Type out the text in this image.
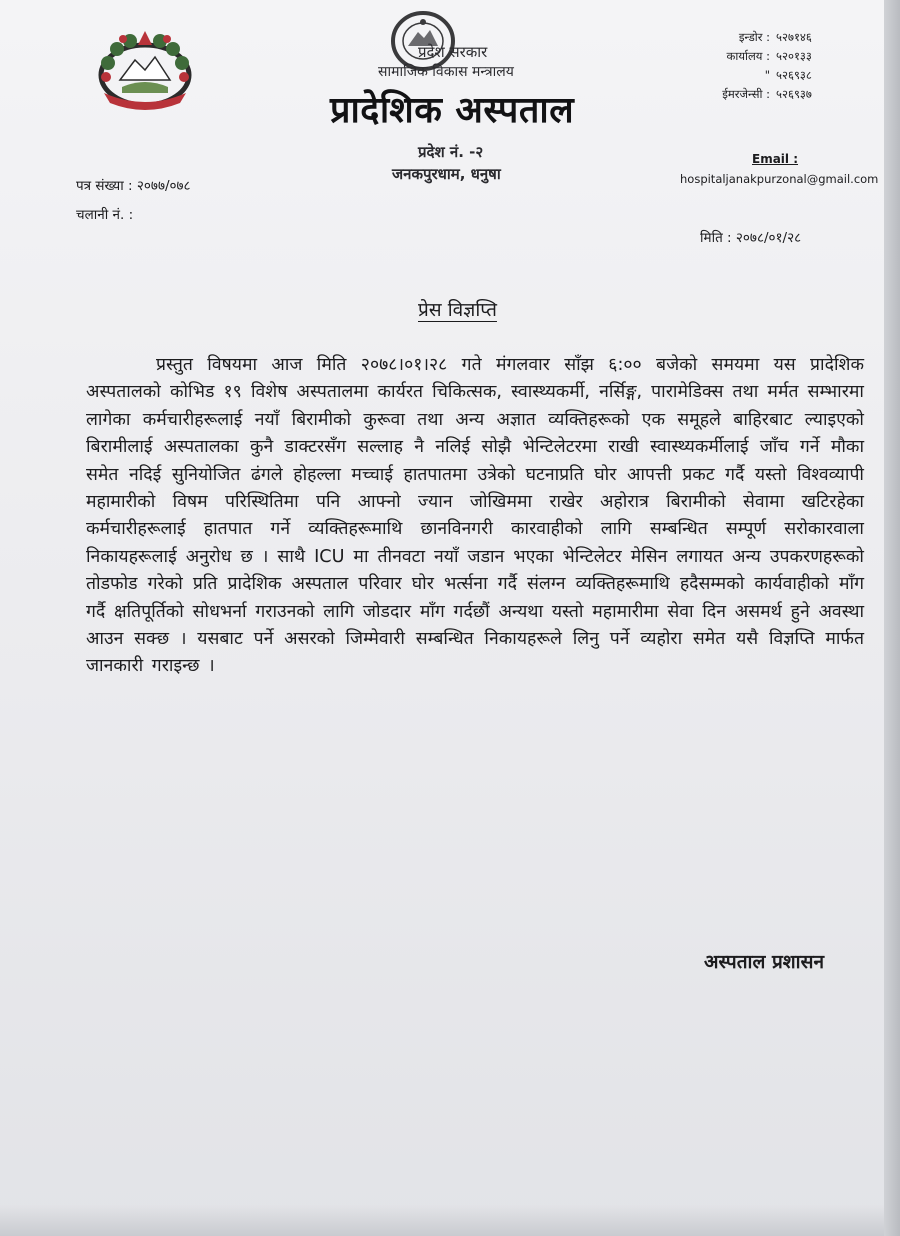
प्रदेश सरकार
सामाजिक विकास मन्त्रालय
प्रादेशिक अस्पताल
प्रदेश नं. -२
जनकपुरधाम, धनुषा
इन्डोर : ५२७१४६
कार्यालय : ५२०१३३
" ५२६९३८
ईमरजेन्सी : ५२६९३७
Email :
hospitaljanakpurzonal@gmail.com
पत्र संख्या : २०७७/०७८
चलानी नं. :
मिति : २०७८/०१/२८
प्रेस विज्ञप्ति
प्रस्तुत विषयमा आज मिति २०७८।०१।२८ गते मंगलवार साँझ ६:०० बजेको समयमा यस प्रादेशिक अस्पतालको कोभिड १९ विशेष अस्पतालमा कार्यरत चिकित्सक, स्वास्थ्यकर्मी, नर्सिङ्ग, पारामेडिक्स तथा मर्मत सम्भारमा लागेका कर्मचारीहरूलाई नयाँ बिरामीको कुरूवा तथा अन्य अज्ञात व्यक्तिहरूको एक समूहले बाहिरबाट ल्याइएको बिरामीलाई अस्पतालका कुनै डाक्टरसँग सल्लाह नै नलिई सोझै भेन्टिलेटरमा राखी स्वास्थ्यकर्मीलाई जाँच गर्ने मौका समेत नदिई सुनियोजित ढंगले होहल्ला मच्चाई हातपातमा उत्रेको घटनाप्रति घोर आपत्ती प्रकट गर्दै यस्तो विश्वव्यापी महामारीको विषम परिस्थितिमा पनि आफ्नो ज्यान जोखिममा राखेर अहोरात्र बिरामीको सेवामा खटिरहेका कर्मचारीहरूलाई हातपात गर्ने व्यक्तिहरूमाथि छानविनगरी कारवाहीको लागि सम्बन्धित सम्पूर्ण सरोकारवाला निकायहरूलाई अनुरोध छ । साथै ICU मा तीनवटा नयाँ जडान भएका भेन्टिलेटर मेसिन लगायत अन्य उपकरणहरूको तोडफोड गरेको प्रति प्रादेशिक अस्पताल परिवार घोर भर्त्सना गर्दै संलग्न व्यक्तिहरूमाथि हदैसम्मको कार्यवाहीको माँग गर्दै क्षतिपूर्तिको सोधभर्ना गराउनको लागि जोडदार माँग गर्दछौं अन्यथा यस्तो महामारीमा सेवा दिन असमर्थ हुने अवस्था आउन सक्छ । यसबाट पर्ने असरको जिम्मेवारी सम्बन्धित निकायहरूले लिनु पर्ने व्यहोरा समेत यसै विज्ञप्ति मार्फत जानकारी गराइन्छ ।
अस्पताल प्रशासन
